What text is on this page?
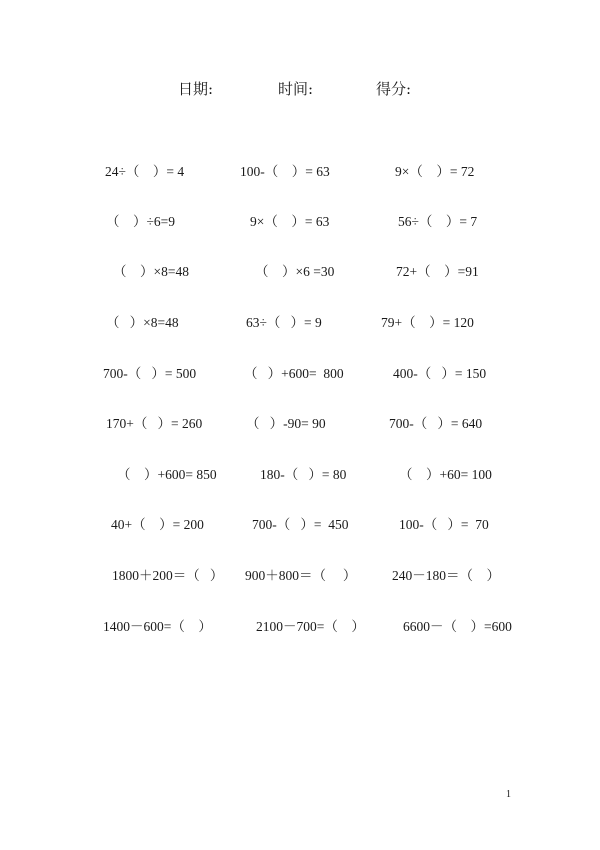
日期:	时间:	得分:
24÷（    ）= 4	100-（    ）= 63	9×（    ）= 72
（    ）÷6=9	9×（    ）= 63	56÷（    ）= 7
（    ）×8=48	（    ）×6 =30	72+（    ）=91
（   ）×8=48	63÷（   ）= 9	79+（    ）= 120
700-（   ）= 500	（   ）+600=  800	400-（   ）= 150
170+（   ）= 260	（   ）-90= 90	700-（   ）= 640
（    ）+600= 850	180-（   ）= 80	（    ）+60= 100
40+（    ）= 200	700-（   ）=  450	100-（   ）=  70
1800＋200＝（   ） 900＋800＝（     ）	240－180＝（    ）
1400－600=（    ）	2100－700=（    ）	6600－（    ）=600
1
